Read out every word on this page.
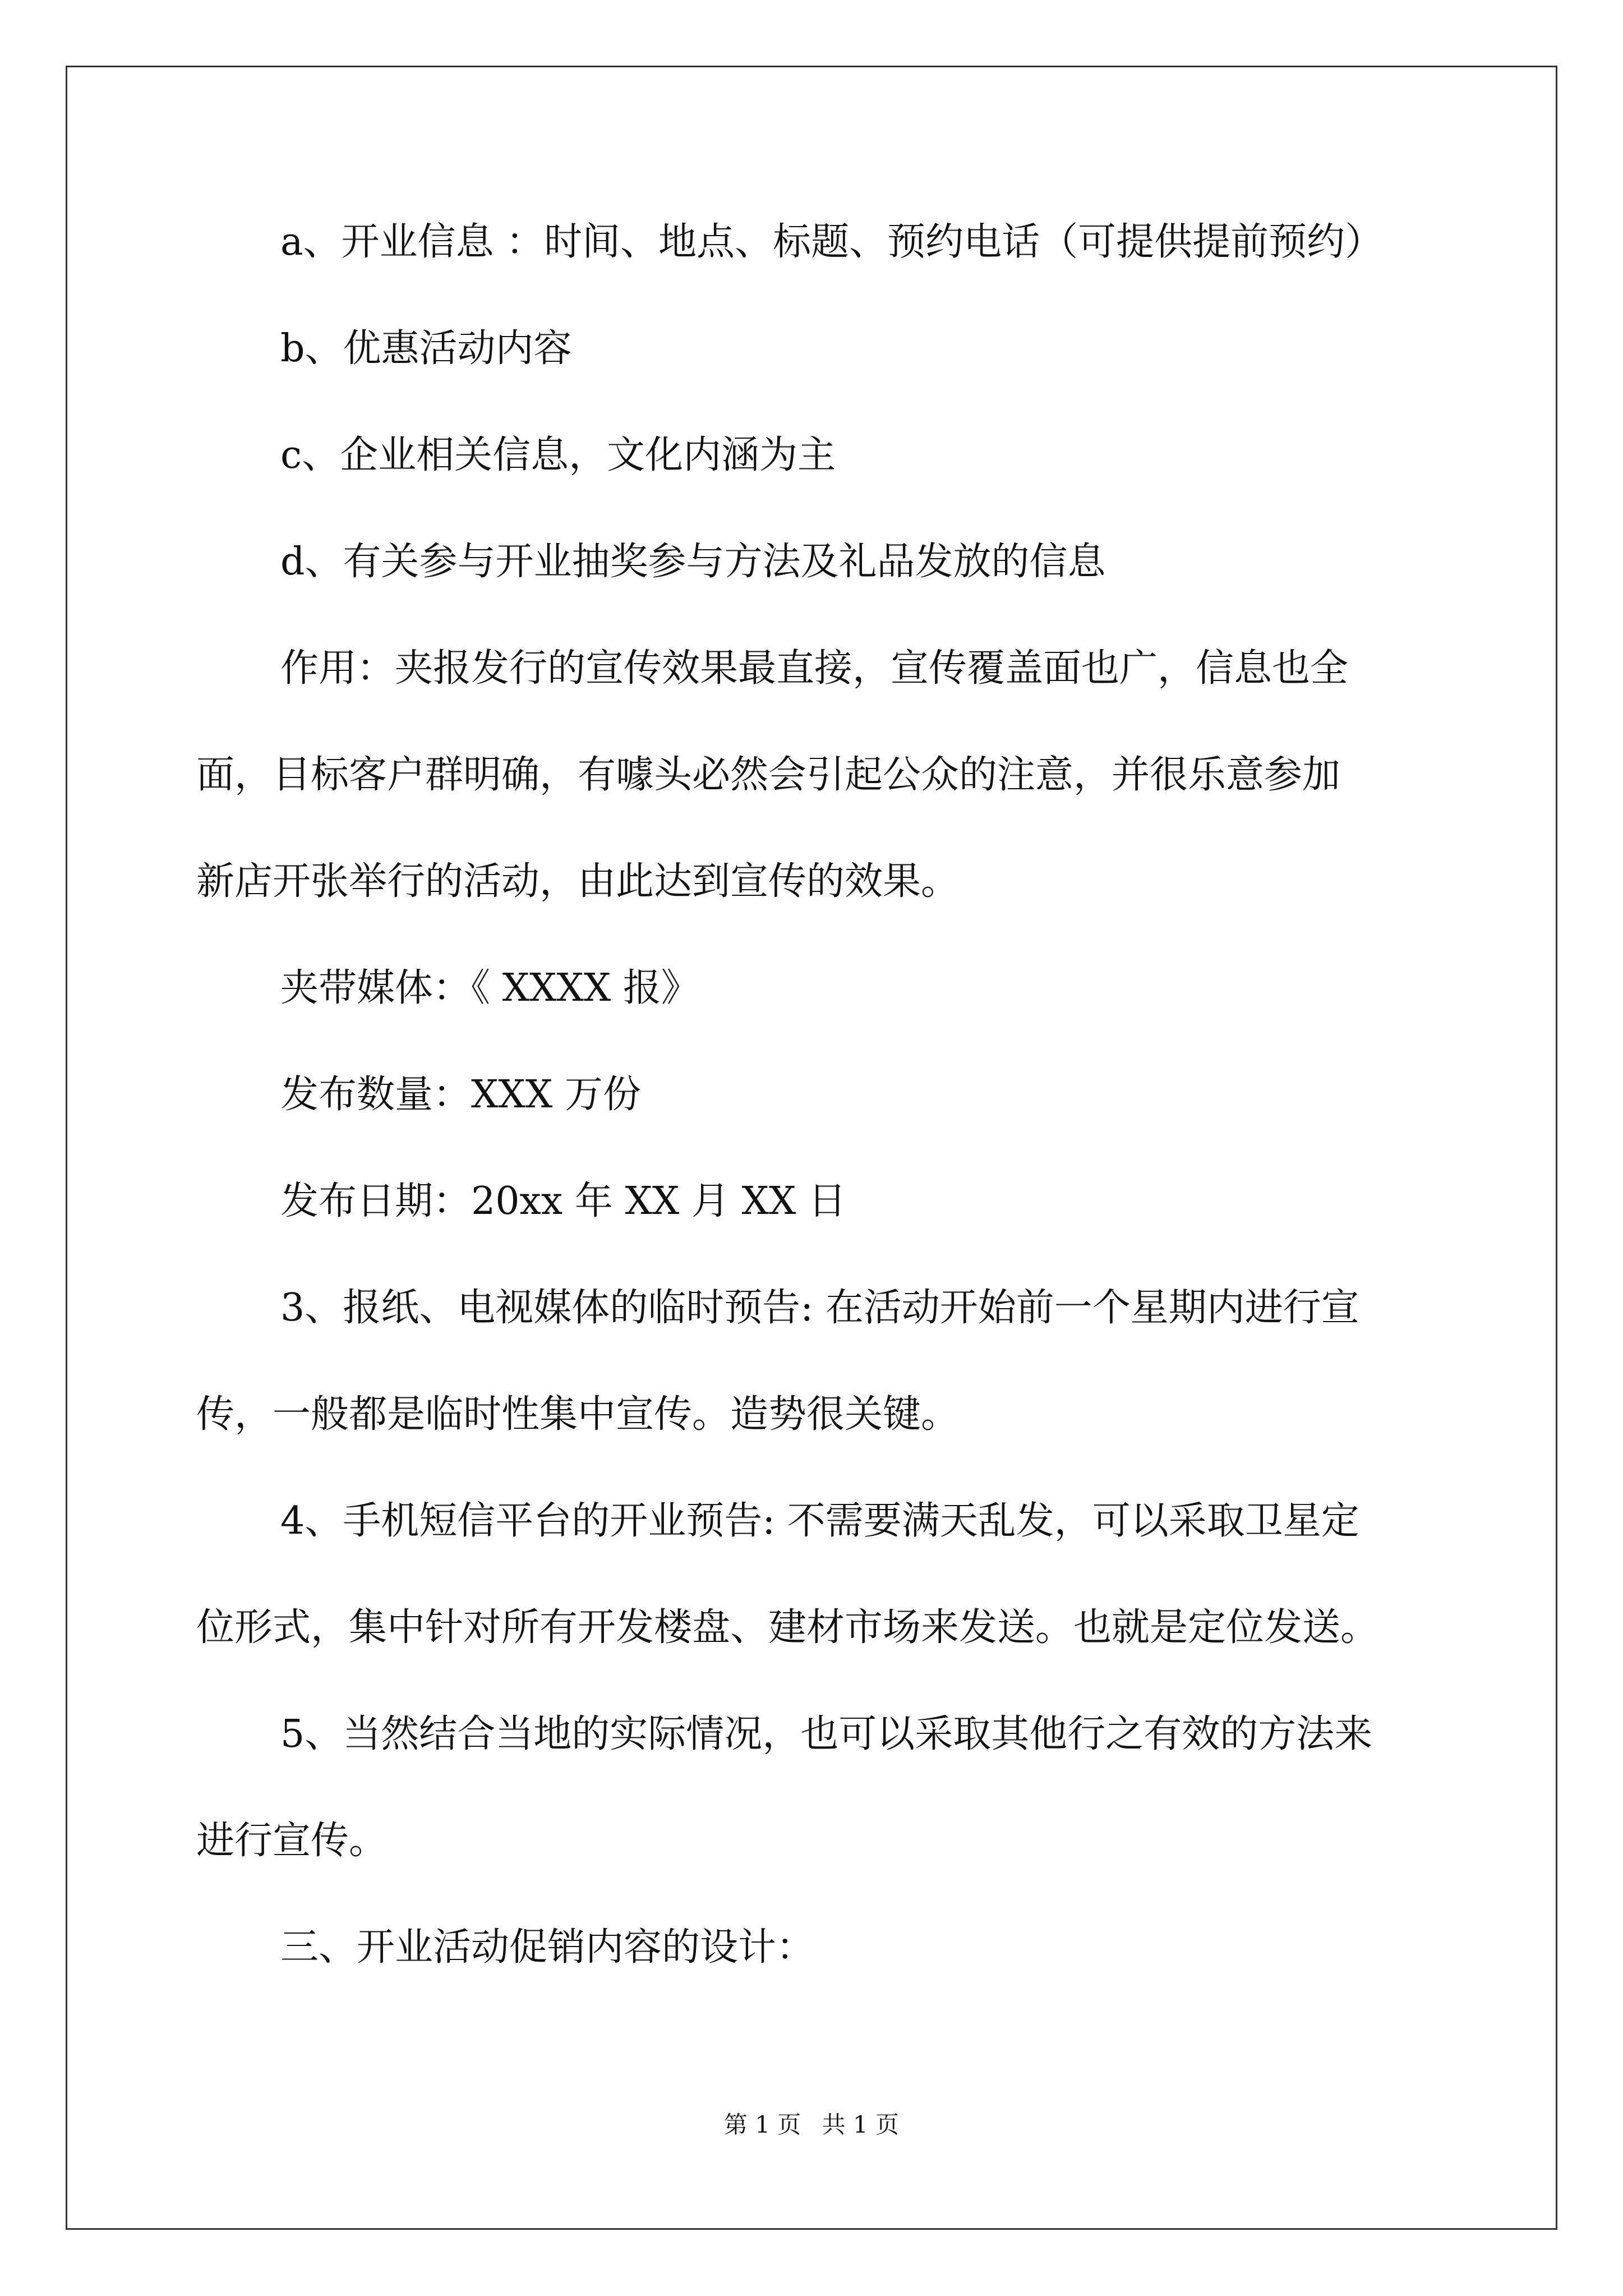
a、开业信息 ：时间、地点、标题、预约电话（可提供提前预约）
b、优惠活动内容
c、企业相关信息，文化内涵为主
d、有关参与开业抽奖参与方法及礼品发放的信息
作用：夹报发行的宣传效果最直接，宣传覆盖面也广，信息也全
面，目标客户群明确，有噱头必然会引起公众的注意，并很乐意参加
新店开张举行的活动，由此达到宣传的效果。
夹带媒体：《 XXXX 报》
发布数量：XXX 万份
发布日期：20xx 年 XX 月 XX 日
3、报纸、电视媒体的临时预告: 在活动开始前一个星期内进行宣
传，一般都是临时性集中宣传。造势很关键。
4、手机短信平台的开业预告: 不需要满天乱发，可以采取卫星定
位形式，集中针对所有开发楼盘、建材市场来发送。也就是定位发送。
5、当然结合当地的实际情况，也可以采取其他行之有效的方法来
进行宣传。
三、开业活动促销内容的设计：
第 1 页 共 1 页
